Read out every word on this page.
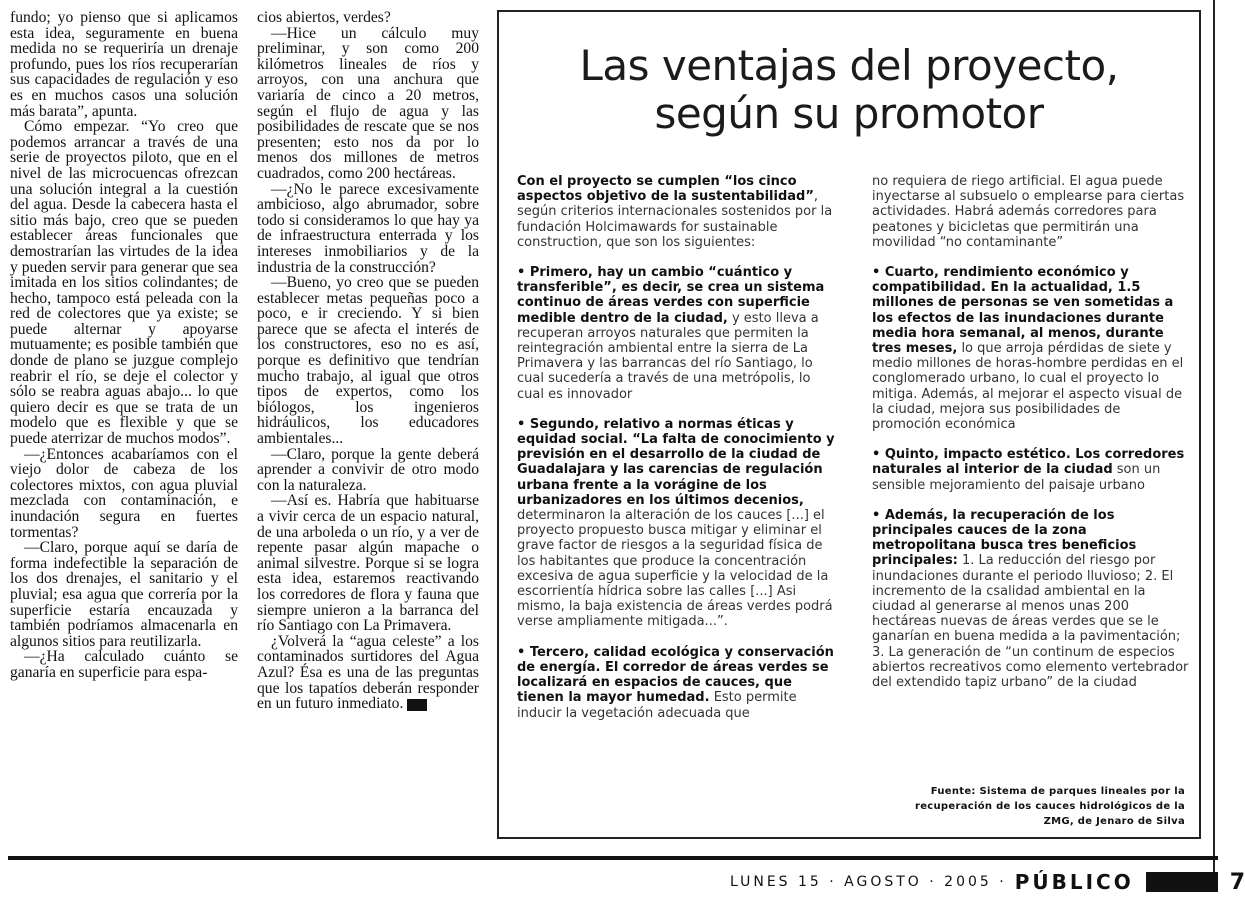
fundo; yo pienso que si aplicamos esta idea, seguramente en buena medida no se requeriría un drenaje profundo, pues los ríos recuperarían sus capacidades de regulación y eso es en muchos casos una solución más barata”, apunta.

Cómo empezar. “Yo creo que podemos arrancar a través de una serie de proyectos piloto, que en el nivel de las microcuencas ofrezcan una solución integral a la cuestión del agua. Desde la cabecera hasta el sitio más bajo, creo que se pueden establecer áreas funcionales que demostrarían las virtudes de la idea y pueden servir para generar que sea imitada en los sitios colindantes; de hecho, tampoco está peleada con la red de colectores que ya existe; se puede alternar y apoyarse mutuamente; es posible también que donde de plano se juzgue complejo reabrir el río, se deje el colector y sólo se reabra aguas abajo... lo que quiero decir es que se trata de un modelo que es flexible y que se puede aterrizar de muchos modos”.

—¿Entonces acabaríamos con el viejo dolor de cabeza de los colectores mixtos, con agua pluvial mezclada con contaminación, e inundación segura en fuertes tormentas?

—Claro, porque aquí se daría de forma indefectible la separación de los dos drenajes, el sanitario y el pluvial; esa agua que correría por la superficie estaría encauzada y también podríamos almacenarla en algunos sitios para reutilizarla.

—¿Ha calculado cuánto se ganaría en superficie para espa-

cios abiertos, verdes?

—Hice un cálculo muy preliminar, y son como 200 kilómetros lineales de ríos y arroyos, con una anchura que variaría de cinco a 20 metros, según el flujo de agua y las posibilidades de rescate que se nos presenten; esto nos da por lo menos dos millones de metros cuadrados, como 200 hectáreas.

—¿No le parece excesivamente ambicioso, algo abrumador, sobre todo si consideramos lo que hay ya de infraestructura enterrada y los intereses inmobiliarios y de la industria de la construcción?

—Bueno, yo creo que se pueden establecer metas pequeñas poco a poco, e ir creciendo. Y si bien parece que se afecta el interés de los constructores, eso no es así, porque es definitivo que tendrían mucho trabajo, al igual que otros tipos de expertos, como los biólogos, los ingenieros hidráulicos, los educadores ambientales...

—Claro, porque la gente deberá aprender a convivir de otro modo con la naturaleza.

—Así es. Habría que habituarse a vivir cerca de un espacio natural, de una arboleda o un río, y a ver de repente pasar algún mapache o animal silvestre. Porque si se logra esta idea, estaremos reactivando los corredores de flora y fauna que siempre unieron a la barranca del río Santiago con La Primavera.

¿Volverá la “agua celeste” a los contaminados surtidores del Agua Azul? Ésa es una de las preguntas que los tapatíos deberán responder en un futuro inmediato.

Las ventajas del proyecto,
según su promotor

Con el proyecto se cumplen “los cinco aspectos objetivo de la sustentabilidad”, según criterios internacionales sostenidos por la fundación Holcimawards for sustainable construction, que son los siguientes:

• Primero, hay un cambio “cuántico y transferible”, es decir, se crea un sistema continuo de áreas verdes con superficie medible dentro de la ciudad, y esto lleva a recuperan arroyos naturales que permiten la reintegración ambiental entre la sierra de La Primavera y las barrancas del río Santiago, lo cual sucedería a través de una metrópolis, lo cual es innovador

• Segundo, relativo a normas éticas y equidad social. “La falta de conocimiento y previsión en el desarrollo de la ciudad de Guadalajara y las carencias de regulación urbana frente a la vorágine de los urbanizadores en los últimos decenios, determinaron la alteración de los cauces [...] el proyecto propuesto busca mitigar y eliminar el grave factor de riesgos a la seguridad física de los habitantes que produce la concentración excesiva de agua superficie y la velocidad de la escorrientía hídrica sobre las calles [...] Asi mismo, la baja existencia de áreas verdes podrá verse ampliamente mitigada...”.

• Tercero, calidad ecológica y conservación de energía. El corredor de áreas verdes se localizará en espacios de cauces, que tienen la mayor humedad. Esto permite inducir la vegetación adecuada que

no requiera de riego artificial. El agua puede inyectarse al subsuelo o emplearse para ciertas actividades. Habrá además corredores para peatones y bicicletas que permitirán una movilidad “no contaminante”

• Cuarto, rendimiento económico y compatibilidad. En la actualidad, 1.5 millones de personas se ven sometidas a los efectos de las inundaciones durante media hora semanal, al menos, durante tres meses, lo que arroja pérdidas de siete y medio millones de horas-hombre perdidas en el conglomerado urbano, lo cual el proyecto lo mitiga. Además, al mejorar el aspecto visual de la ciudad, mejora sus posibilidades de promoción económica

• Quinto, impacto estético. Los corredores naturales al interior de la ciudad son un sensible mejoramiento del paisaje urbano

• Además, la recuperación de los principales cauces de la zona metropolitana busca tres beneficios principales: 1. La reducción del riesgo por inundaciones durante el periodo lluvioso; 2. El incremento de la csalidad ambiental en la ciudad al generarse al menos unas 200 hectáreas nuevas de áreas verdes que se le ganarían en buena medida a la pavimentación; 3. La generación de “un continum de especios abiertos recreativos como elemento vertebrador del extendido tapiz urbano” de la ciudad

Fuente: Sistema de parques lineales por la
recuperación de los cauces hidrológicos de la
ZMG, de Jenaro de Silva
LUNES 15 · AGOSTO · 2005 · PÚBLICO	7
